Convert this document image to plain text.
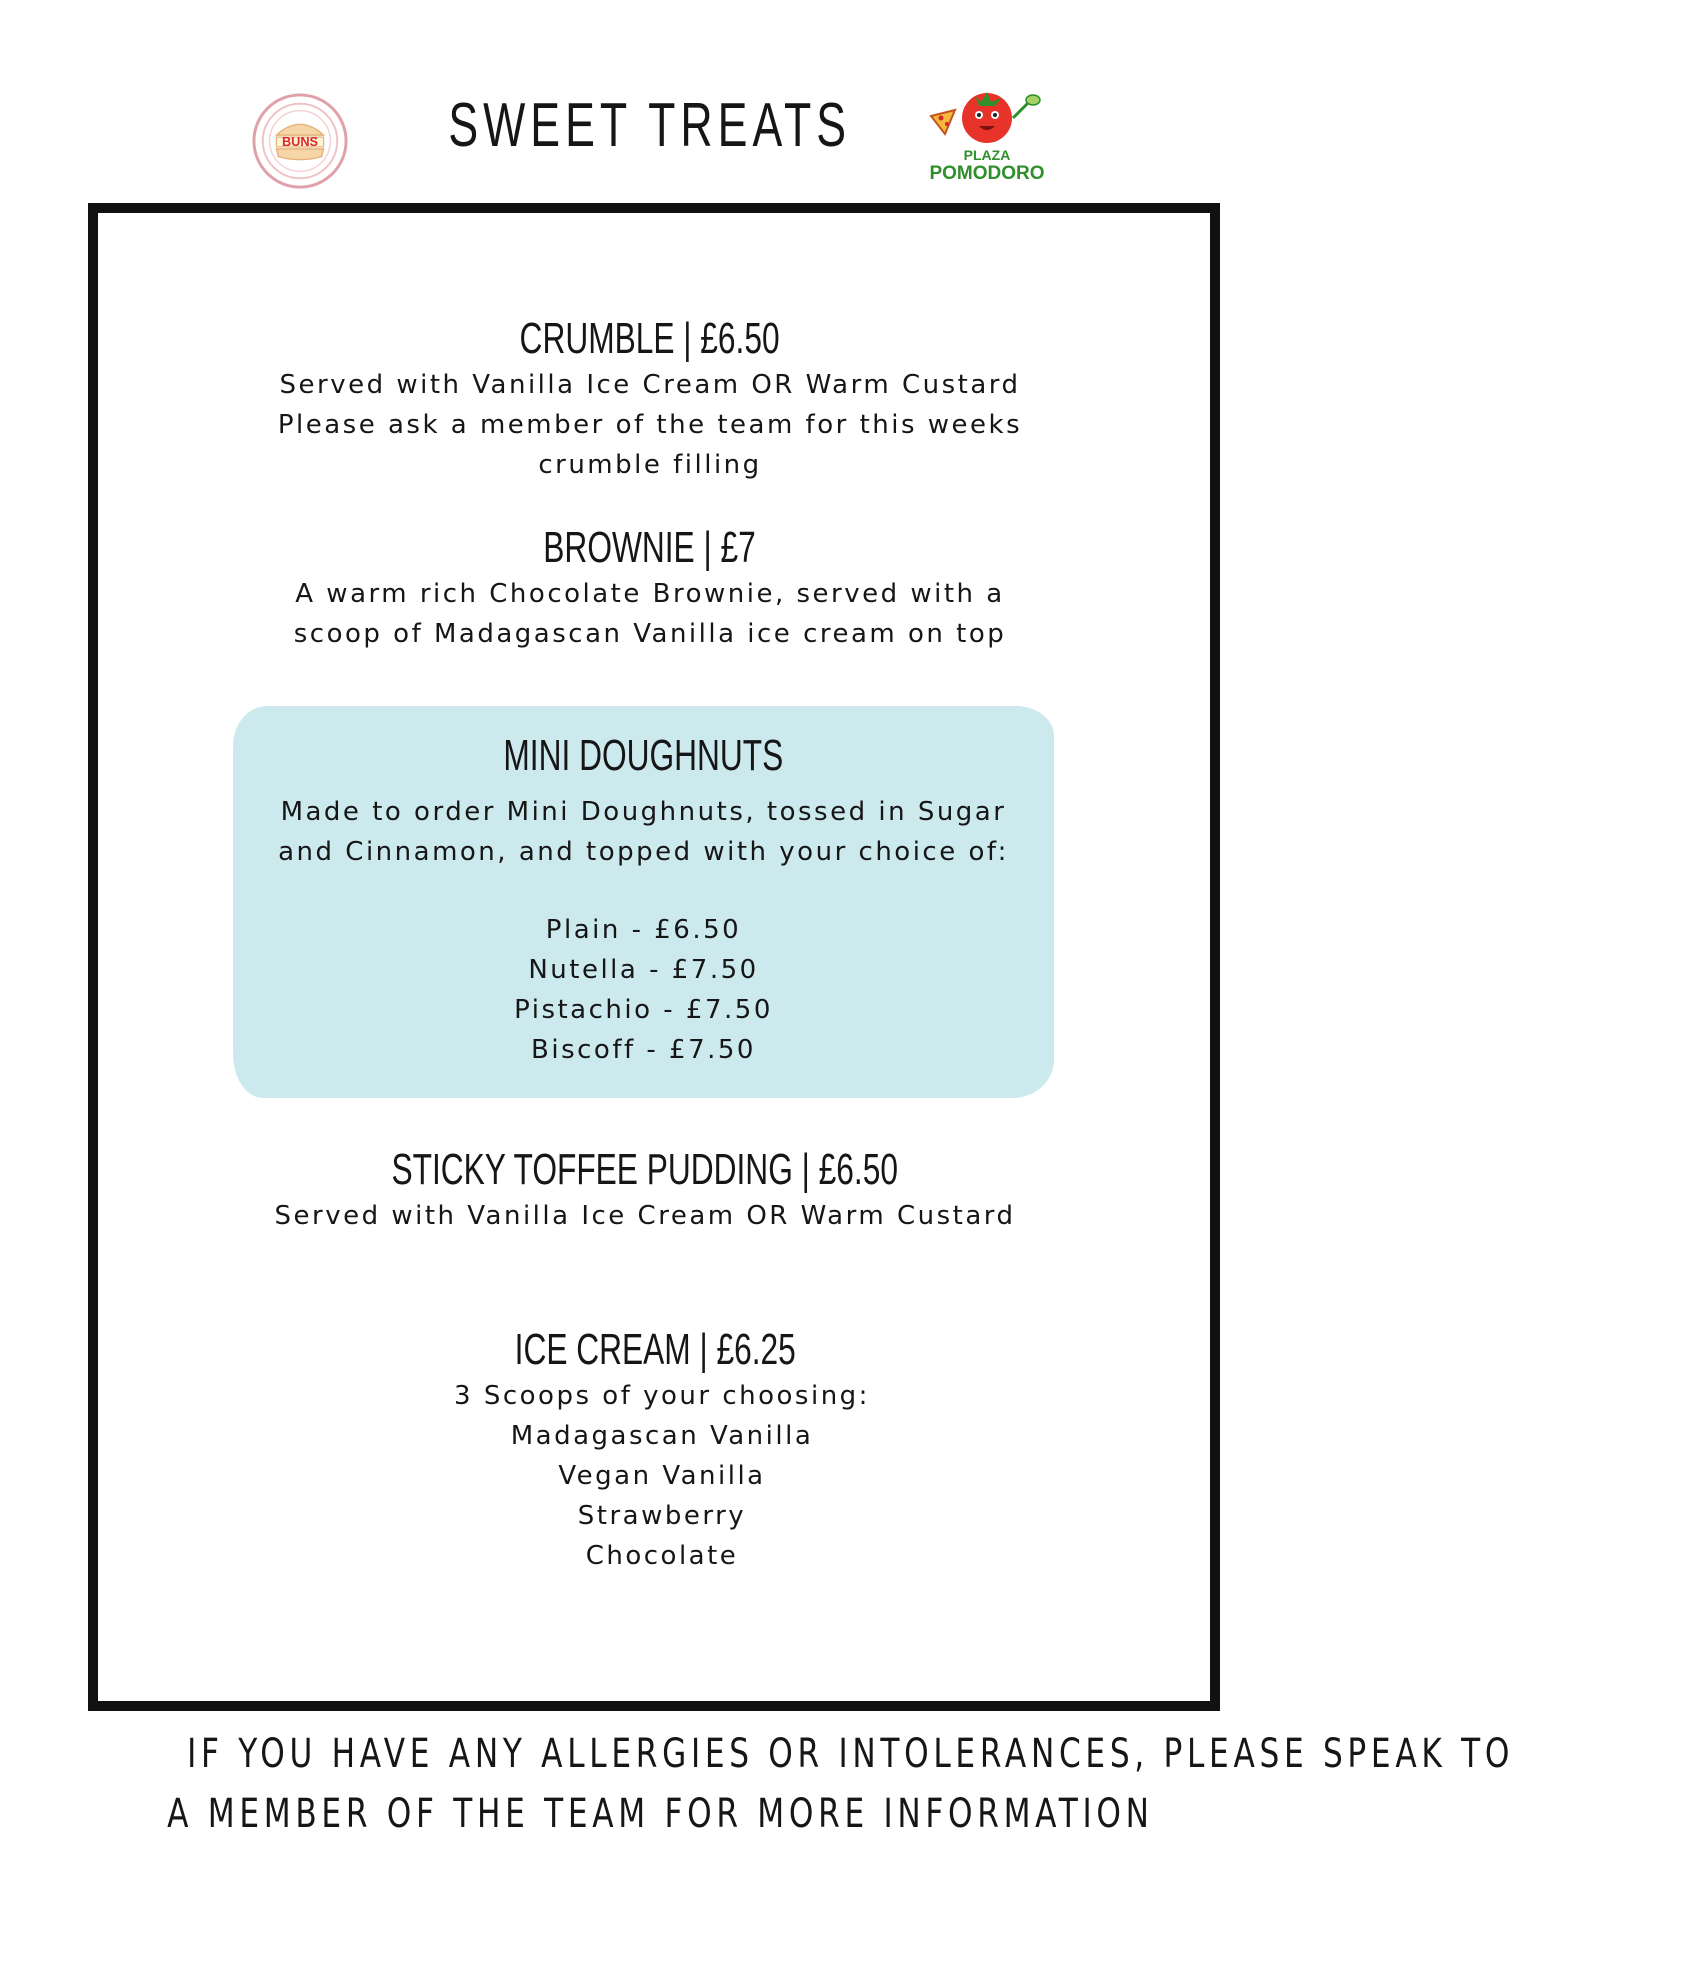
SWEET TREATS
BUNS
PLAZA
POMODORO
CRUMBLE | £6.50
Served with Vanilla Ice Cream OR Warm Custard
Please ask a member of the team for this weeks
crumble filling
BROWNIE | £7
A warm rich Chocolate Brownie, served with a
scoop of Madagascan Vanilla ice cream on top
MINI DOUGHNUTS
Made to order Mini Doughnuts, tossed in Sugar
and Cinnamon, and topped with your choice of:
Plain - £6.50
Nutella - £7.50
Pistachio - £7.50
Biscoff - £7.50
STICKY TOFFEE PUDDING | £6.50
Served with Vanilla Ice Cream OR Warm Custard
ICE CREAM | £6.25
3 Scoops of your choosing:
Madagascan Vanilla
Vegan Vanilla
Strawberry
Chocolate
IF YOU HAVE ANY ALLERGIES OR INTOLERANCES, PLEASE SPEAK TO
A MEMBER OF THE TEAM FOR MORE INFORMATION
